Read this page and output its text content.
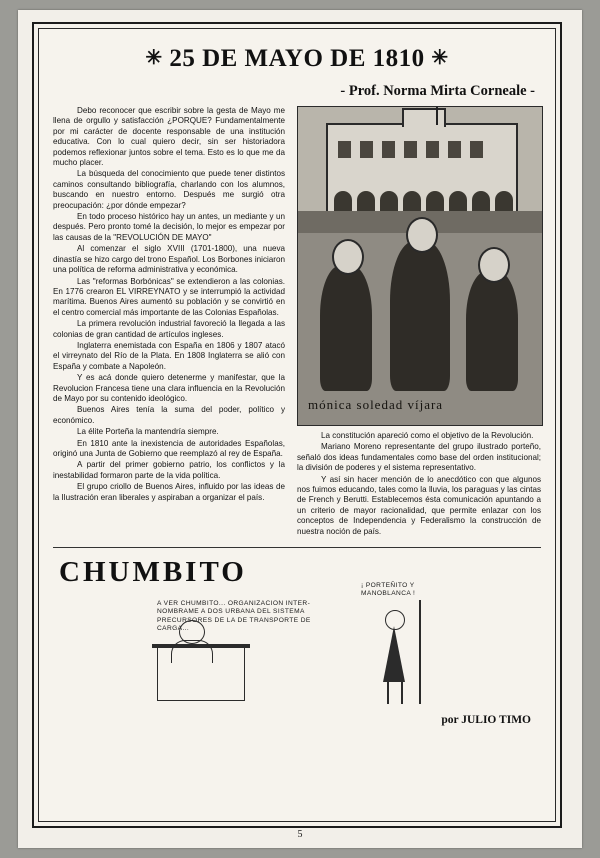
✳ 25 DE MAYO DE 1810 ✳
- Prof. Norma Mirta Corneale -

Debo reconocer que escribir sobre la gesta de Mayo me llena de orgullo y satisfacción ¿PORQUE? Fundamentalmente por mi carácter de docente responsable de una institución educativa. Con lo cual quiero decir, sin ser historiadora podemos reflexionar juntos sobre el tema. Esto es lo que me da mucho placer.

La búsqueda del conocimiento que puede tener distintos caminos consultando bibliografía, charlando con los alumnos, buscando en nuestro entorno. Después me surgió otra preocupación: ¿por dónde empezar?

En todo proceso histórico hay un antes, un mediante y un después. Pero pronto tomé la decisión, lo mejor es empezar por las causas de la "REVOLUCIÓN DE MAYO"

Al comenzar el siglo XVIII (1701-1800), una nueva dinastía se hizo cargo del trono Español. Los Borbones iniciaron una política de reforma administrativa y económica.

Las "reformas Borbónicas" se extendieron a las colonias. En 1776 crearon EL VIRREYNATO y se interrumpió la actividad marítima. Buenos Aires aumentó su población y se convirtió en el centro comercial más importante de las Colonias Españolas.

La primera revolución industrial favoreció la llegada a las colonias de gran cantidad de artículos ingleses.

Inglaterra enemistada con España en 1806 y 1807 atacó el virreynato del Río de la Plata. En 1808 Inglaterra se alió con España y combate a Napoleón.

Y es acá donde quiero detenerme y manifestar, que la Revolucion Francesa tiene una clara influencia en la Revolución de Mayo por su contenido ideológico.

Buenos Aires tenía la suma del poder, político y económico.

La élite Porteña la mantendría siempre.

En 1810 ante la inexistencia de autoridades Españolas, originó una Junta de Gobierno que reemplazó al rey de España.

A partir del primer gobierno patrio, los conflictos y la inestabilidad formaron parte de la vida política.

El grupo criollo de Buenos Aires, influido por las ideas de la Ilustración eran liberales y aspiraban a organizar el país.

mónica soledad víjara

La constitución apareció como el objetivo de la Revolución.

Mariano Moreno representante del grupo ilustrado porteño, señaló dos ideas fundamentales como base del orden institucional; la división de poderes y el sistema representativo.

Y así sin hacer mención de lo anecdótico con que algunos nos fuimos educando, tales como la lluvia, los paraguas y las cintas de French y Berutti. Establecemos ésta comunicación apuntando a un criterio de mayor racionalidad, que permite enlazar con los conceptos de Independencia y Federalismo la construcción de nuestra noción de país.

CHUMBITO
A VER CHUMBITO... ORGANIZACION INTER-NOMBRAME A DOS URBANA DEL SISTEMA PRECURSORES DE LA DE TRANSPORTE DE CARGA...
¡ PORTEÑITO Y MANOBLANCA !
por JULIO TIMO
5
